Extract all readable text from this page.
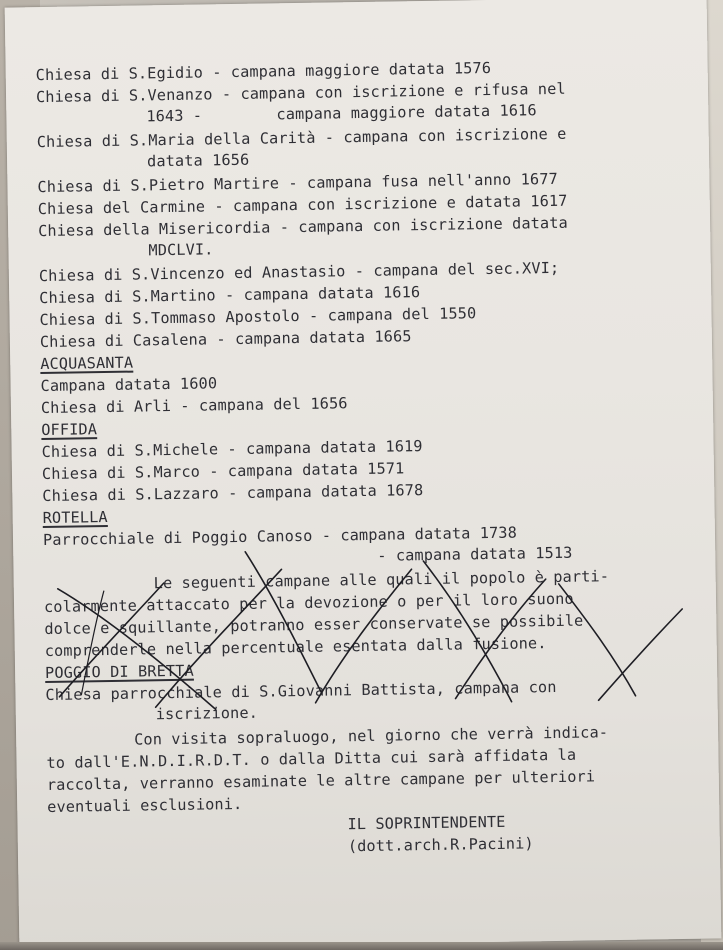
Chiesa di S.Egidio - campana maggiore datata 1576
Chiesa di S.Venanzo - campana con iscrizione e rifusa nel
1643 -        campana maggiore datata 1616
Chiesa di S.Maria della Carità - campana con iscrizione e
datata 1656
Chiesa di S.Pietro Martire - campana fusa nell'anno 1677
Chiesa del Carmine - campana con iscrizione e datata 1617
Chiesa della Misericordia - campana con iscrizione datata
MDCLVI.
Chiesa di S.Vincenzo ed Anastasio - campana del sec.XVI;
Chiesa di S.Martino - campana datata 1616
Chiesa di S.Tommaso Apostolo - campana del 1550
Chiesa di Casalena - campana datata 1665
ACQUASANTA
Campana datata 1600
Chiesa di Arli - campana del 1656
OFFIDA
Chiesa di S.Michele - campana datata 1619
Chiesa di S.Marco - campana datata 1571
Chiesa di S.Lazzaro - campana datata 1678
ROTELLA
Parrocchiale di Poggio Canoso - campana datata 1738
- campana datata 1513
Le seguenti campane alle quali il popolo è parti-
colarmente attaccato per la devozione o per il loro suono
dolce e squillante, potranno esser conservate se possibile
comprenderle nella percentuale esentata dalla fusione.
POGGIO DI BRETTA
Chiesa parrocchiale di S.Giovanni Battista, campana con
iscrizione.
Con visita sopraluogo, nel giorno che verrà indica-
to dall'E.N.D.I.R.D.T. o dalla Ditta cui sarà affidata la
raccolta, verranno esaminate le altre campane per ulteriori
eventuali esclusioni.
IL SOPRINTENDENTE
(dott.arch.R.Pacini)
